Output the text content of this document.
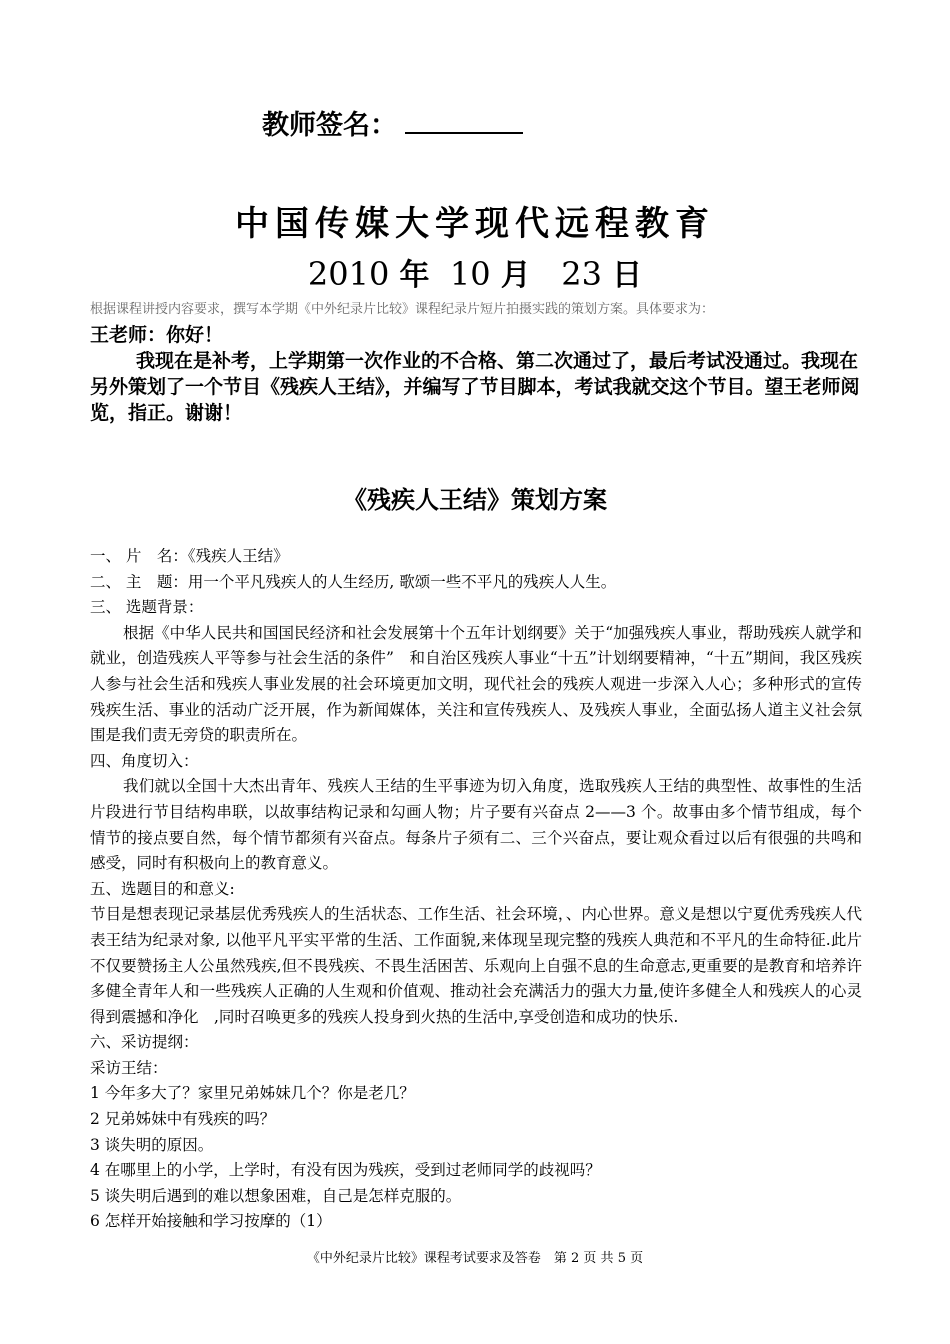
教师签名：
中国传媒大学现代远程教育
2010 年 10 月 23 日
根据课程讲授内容要求，撰写本学期《中外纪录片比较》课程纪录片短片拍摄实践的策划方案。具体要求为：

王老师：你好！

我现在是补考，上学期第一次作业的不合格、第二次通过了，最后考试没通过。我现在另外策划了一个节目《残疾人王结》，并编写了节目脚本，考试我就交这个节目。望王老师阅览，指正。谢谢！

《残疾人王结》策划方案

一、 片　名：《残疾人王结》

二、 主　题：用一个平凡残疾人的人生经历, 歌颂一些不平凡的残疾人人生。

三、 选题背景：

根据《中华人民共和国国民经济和社会发展第十个五年计划纲要》关于“加强残疾人事业，帮助残疾人就学和就业，创造残疾人平等参与社会生活的条件”　和自治区残疾人事业“十五”计划纲要精神，“十五”期间，我区残疾人参与社会生活和残疾人事业发展的社会环境更加文明，现代社会的残疾人观进一步深入人心；多种形式的宣传残疾生活、事业的活动广泛开展，作为新闻媒体，关注和宣传残疾人、及残疾人事业，全面弘扬人道主义社会氛围是我们责无旁贷的职责所在。

四、角度切入：

我们就以全国十大杰出青年、残疾人王结的生平事迹为切入角度，选取残疾人王结的典型性、故事性的生活片段进行节目结构串联，以故事结构记录和勾画人物；片子要有兴奋点 2——3 个。故事由多个情节组成，每个情节的接点要自然，每个情节都须有兴奋点。每条片子须有二、三个兴奋点，要让观众看过以后有很强的共鸣和感受，同时有积极向上的教育意义。

五、选题目的和意义:

节目是想表现记录基层优秀残疾人的生活状态、工作生活、社会环境，、内心世界。意义是想以宁夏优秀残疾人代表王结为纪录对象, 以他平凡平实平常的生活、工作面貌,来体现呈现完整的残疾人典范和不平凡的生命特征.此片不仅要赞扬主人公虽然残疾,但不畏残疾、不畏生活困苦、乐观向上自强不息的生命意志,更重要的是教育和培养许多健全青年人和一些残疾人正确的人生观和价值观、推动社会充满活力的强大力量,使许多健全人和残疾人的心灵得到震撼和净化　,同时召唤更多的残疾人投身到火热的生活中,享受创造和成功的快乐.

六、采访提纲：

采访王结：

1 今年多大了？家里兄弟姊妹几个？你是老几？

2 兄弟姊妹中有残疾的吗？

3 谈失明的原因。

4 在哪里上的小学，上学时，有没有因为残疾，受到过老师同学的歧视吗？

5 谈失明后遇到的难以想象困难，自己是怎样克服的。

6 怎样开始接触和学习按摩的（1）

《中外纪录片比较》课程考试要求及答卷　第 2 页 共 5 页
